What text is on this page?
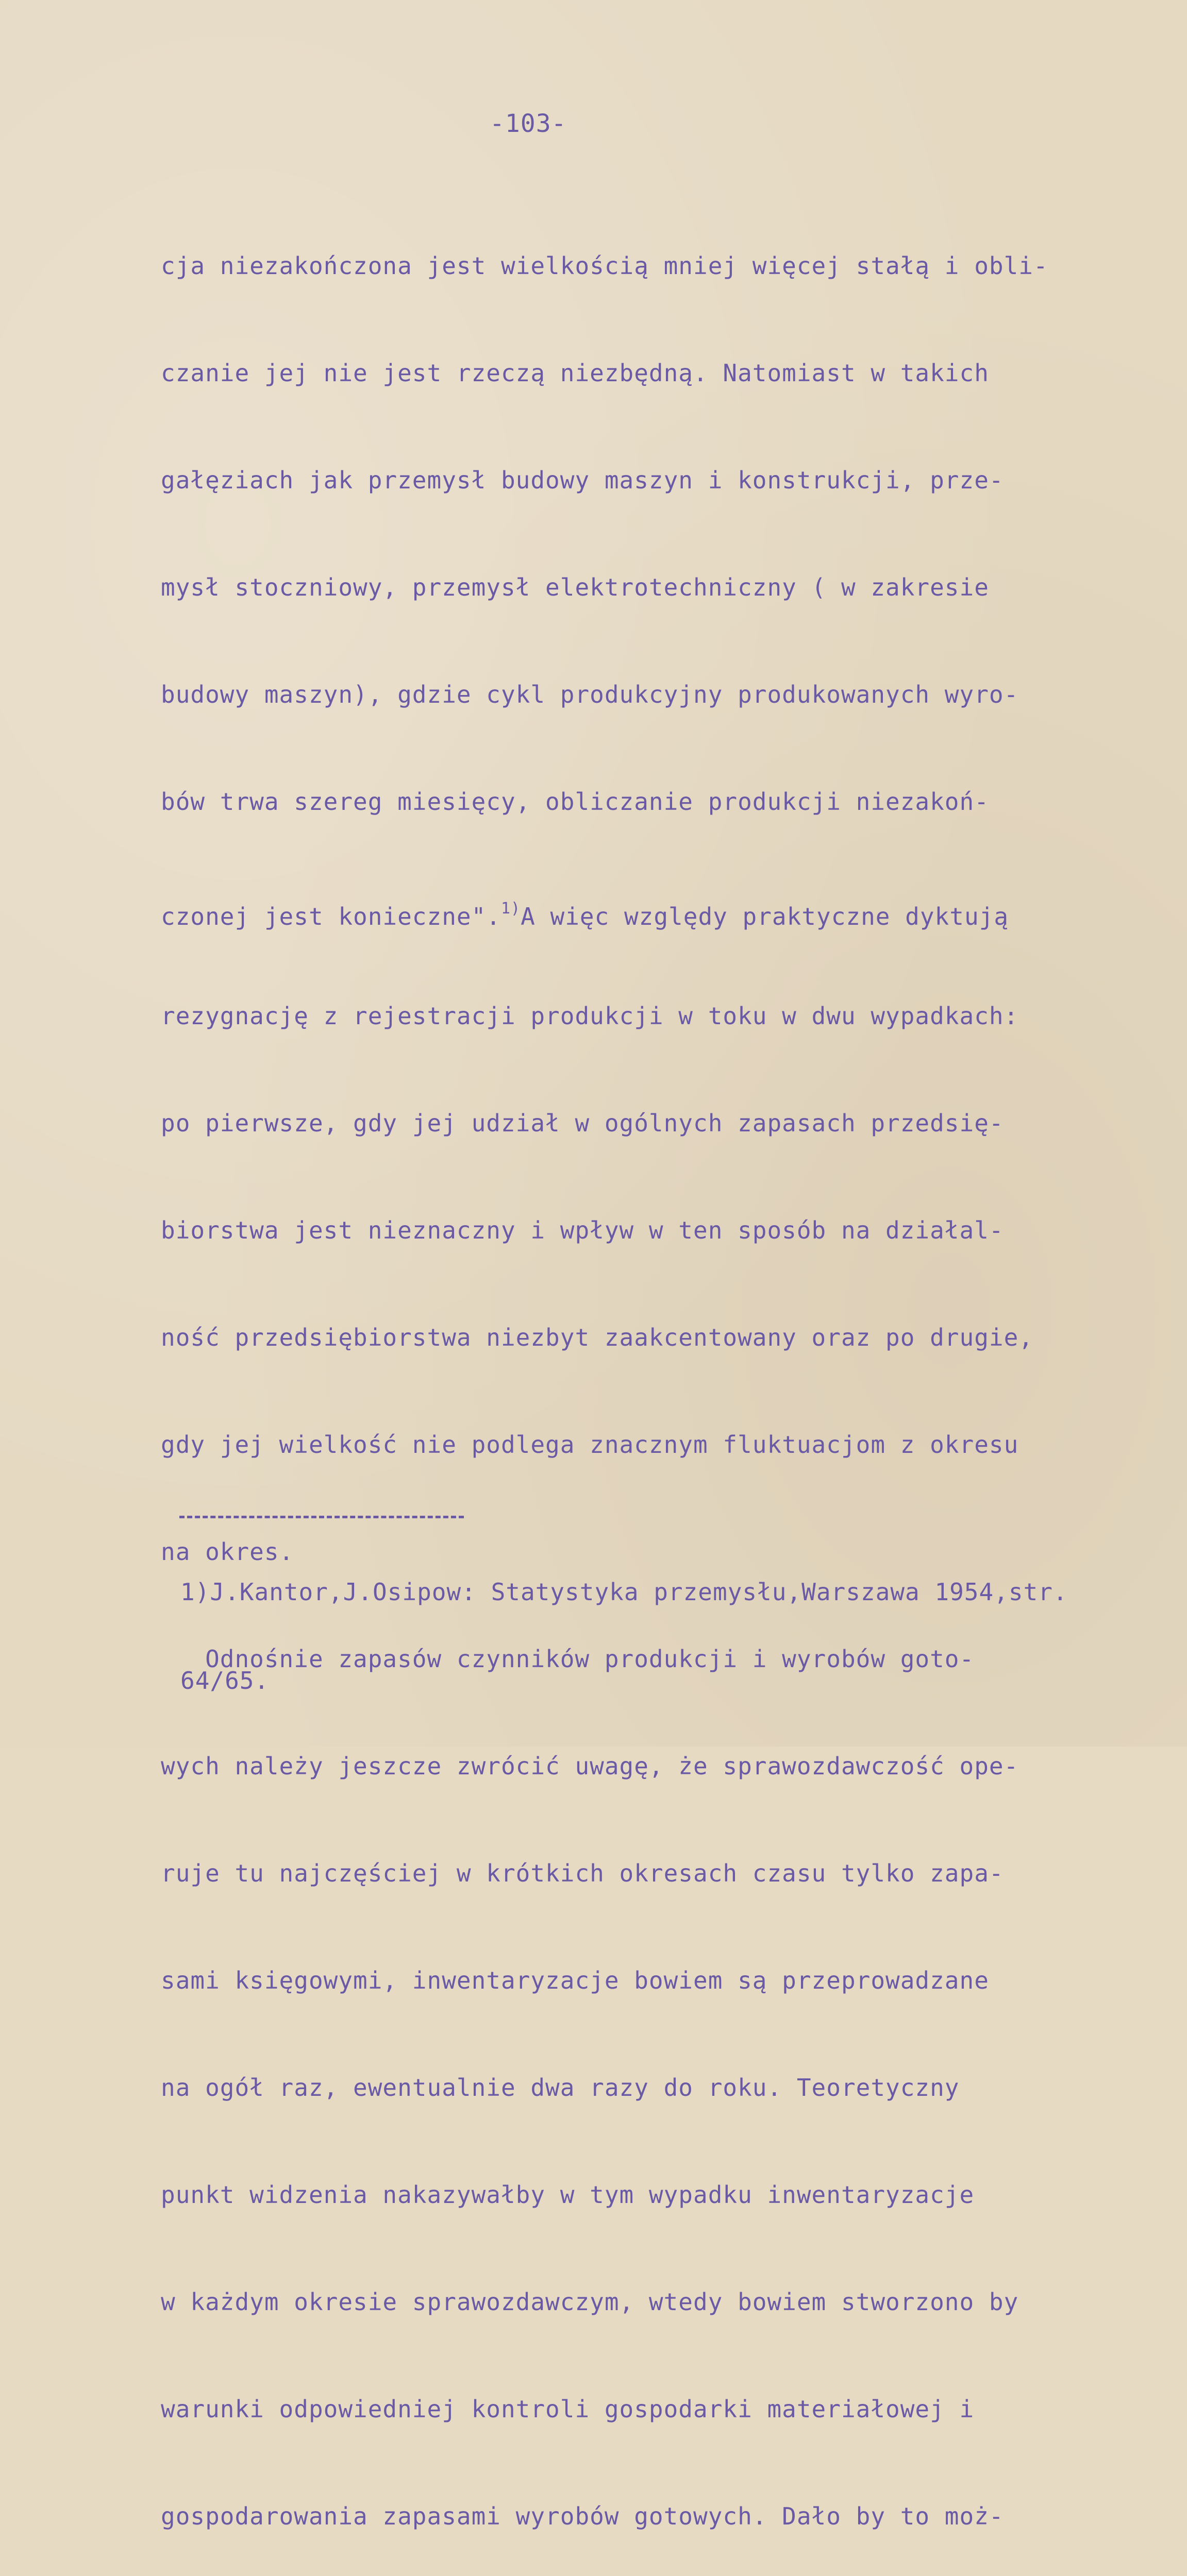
-103-

cja niezakończona jest wielkością mniej więcej stałą i obli-

czanie jej nie jest rzeczą niezbędną. Natomiast w takich

gałęziach jak przemysł budowy maszyn i konstrukcji, prze-

mysł stoczniowy, przemysł elektrotechniczny ( w zakresie

budowy maszyn), gdzie cykl produkcyjny produkowanych wyro-

bów trwa szereg miesięcy, obliczanie produkcji niezakoń-

czonej jest konieczne".$^{1)}$A więc względy praktyczne dyktują

rezygnację z rejestracji produkcji w toku w dwu wypadkach:

po pierwsze, gdy jej udział w ogólnych zapasach przedsię-

biorstwa jest nieznaczny i wpływ w ten sposób na działal-

ność przedsiębiorstwa niezbyt zaakcentowany oraz po drugie,

gdy jej wielkość nie podlega znacznym fluktuacjom z okresu

na okres.

Odnośnie zapasów czynników produkcji i wyrobów goto-

wych należy jeszcze zwrócić uwagę, że sprawozdawczość ope-

ruje tu najczęściej w krótkich okresach czasu tylko zapa-

sami księgowymi, inwentaryzacje bowiem są przeprowadzane

na ogół raz, ewentualnie dwa razy do roku. Teoretyczny

punkt widzenia nakazywałby w tym wypadku inwentaryzacje

w każdym okresie sprawozdawczym, wtedy bowiem stworzono by

warunki odpowiedniej kontroli gospodarki materiałowej i

gospodarowania zapasami wyrobów gotowych. Dało by to moż-

1)J.Kantor,J.Osipow: Statystyka przemysłu,Warszawa 1954,str.

64/65.
